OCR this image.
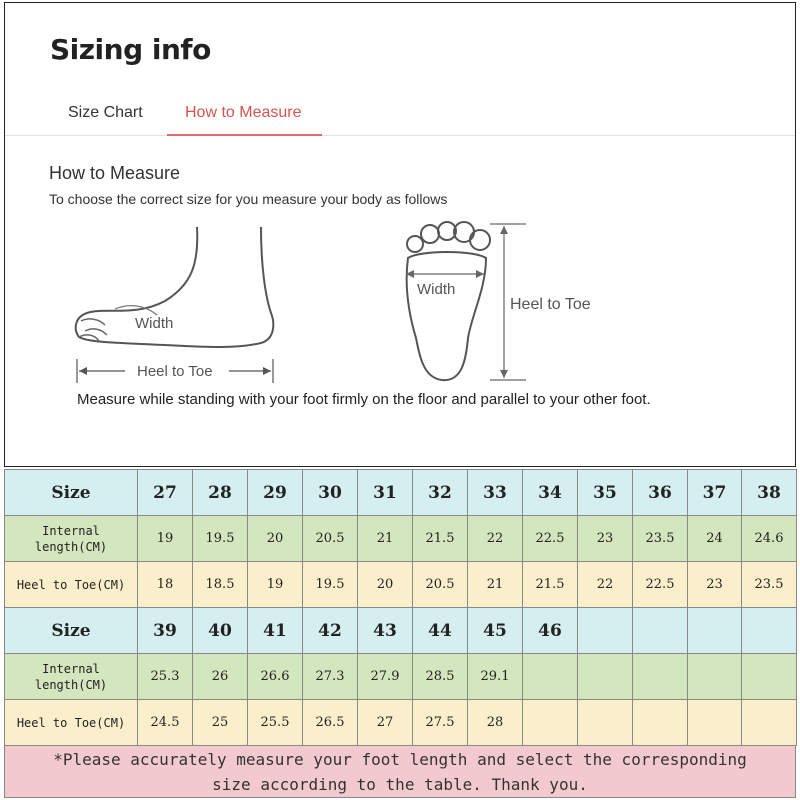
Sizing info
Size Chart	How to Measure
How to Measure
To choose the correct size for you measure your body as follows
Width
Heel to Toe
Width
Heel to Toe
Measure while standing with your foot firmly on the floor and parallel to your other foot.
Size	27	28	29	30	31	32	33	34	35	36	37	38

Internal
length(CM)	19	19.5	20	20.5	21	21.5	22	22.5	23	23.5	24	24.6
Heel to Toe(CM)	18	18.5	19	19.5	20	20.5	21	21.5	22	22.5	23	23.5
Size	39	40	41	42	43	44	45	46				

Internal
length(CM)	25.3	26	26.6	27.3	27.9	28.5	29.1					
Heel to Toe(CM)	24.5	25	25.5	26.5	27	27.5	28					
*Please accurately measure your foot length and select the corresponding
size according to the table. Thank you.
